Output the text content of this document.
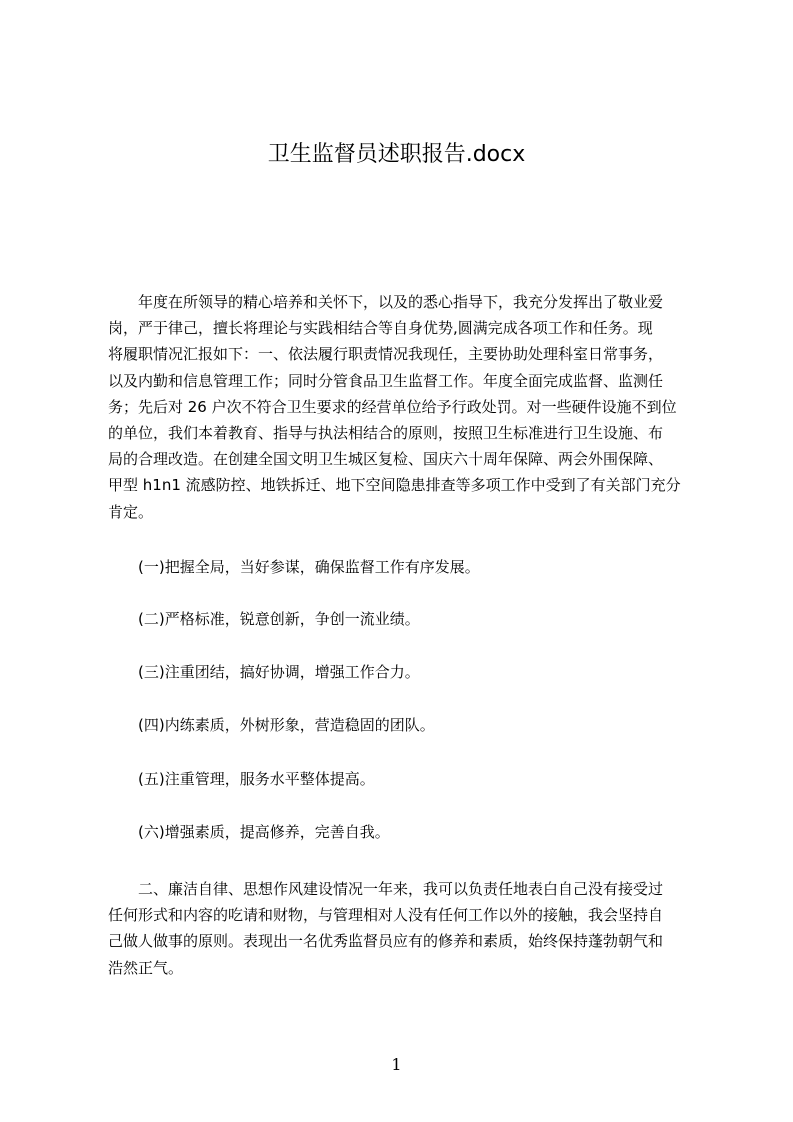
卫生监督员述职报告.docx
年度在所领导的精心培养和关怀下，以及的悉心指导下，我充分发挥出了敬业爱
岗，严于律己，擅长将理论与实践相结合等自身优势,圆满完成各项工作和任务。现
将履职情况汇报如下：一、依法履行职责情况我现任，主要协助处理科室日常事务，
以及内勤和信息管理工作；同时分管食品卫生监督工作。年度全面完成监督、监测任
务；先后对 26 户次不符合卫生要求的经营单位给予行政处罚。对一些硬件设施不到位
的单位，我们本着教育、指导与执法相结合的原则，按照卫生标准进行卫生设施、布
局的合理改造。在创建全国文明卫生城区复检、国庆六十周年保障、两会外围保障、
甲型 h1n1 流感防控、地铁拆迁、地下空间隐患排查等多项工作中受到了有关部门充分
肯定。
(一)把握全局，当好参谋，确保监督工作有序发展。
(二)严格标准，锐意创新，争创一流业绩。
(三)注重团结，搞好协调，增强工作合力。
(四)内练素质，外树形象，营造稳固的团队。
(五)注重管理，服务水平整体提高。
(六)增强素质，提高修养，完善自我。
二、廉洁自律、思想作风建设情况一年来，我可以负责任地表白自己没有接受过
任何形式和内容的吃请和财物，与管理相对人没有任何工作以外的接触，我会坚持自
己做人做事的原则。表现出一名优秀监督员应有的修养和素质，始终保持蓬勃朝气和
浩然正气。
1
